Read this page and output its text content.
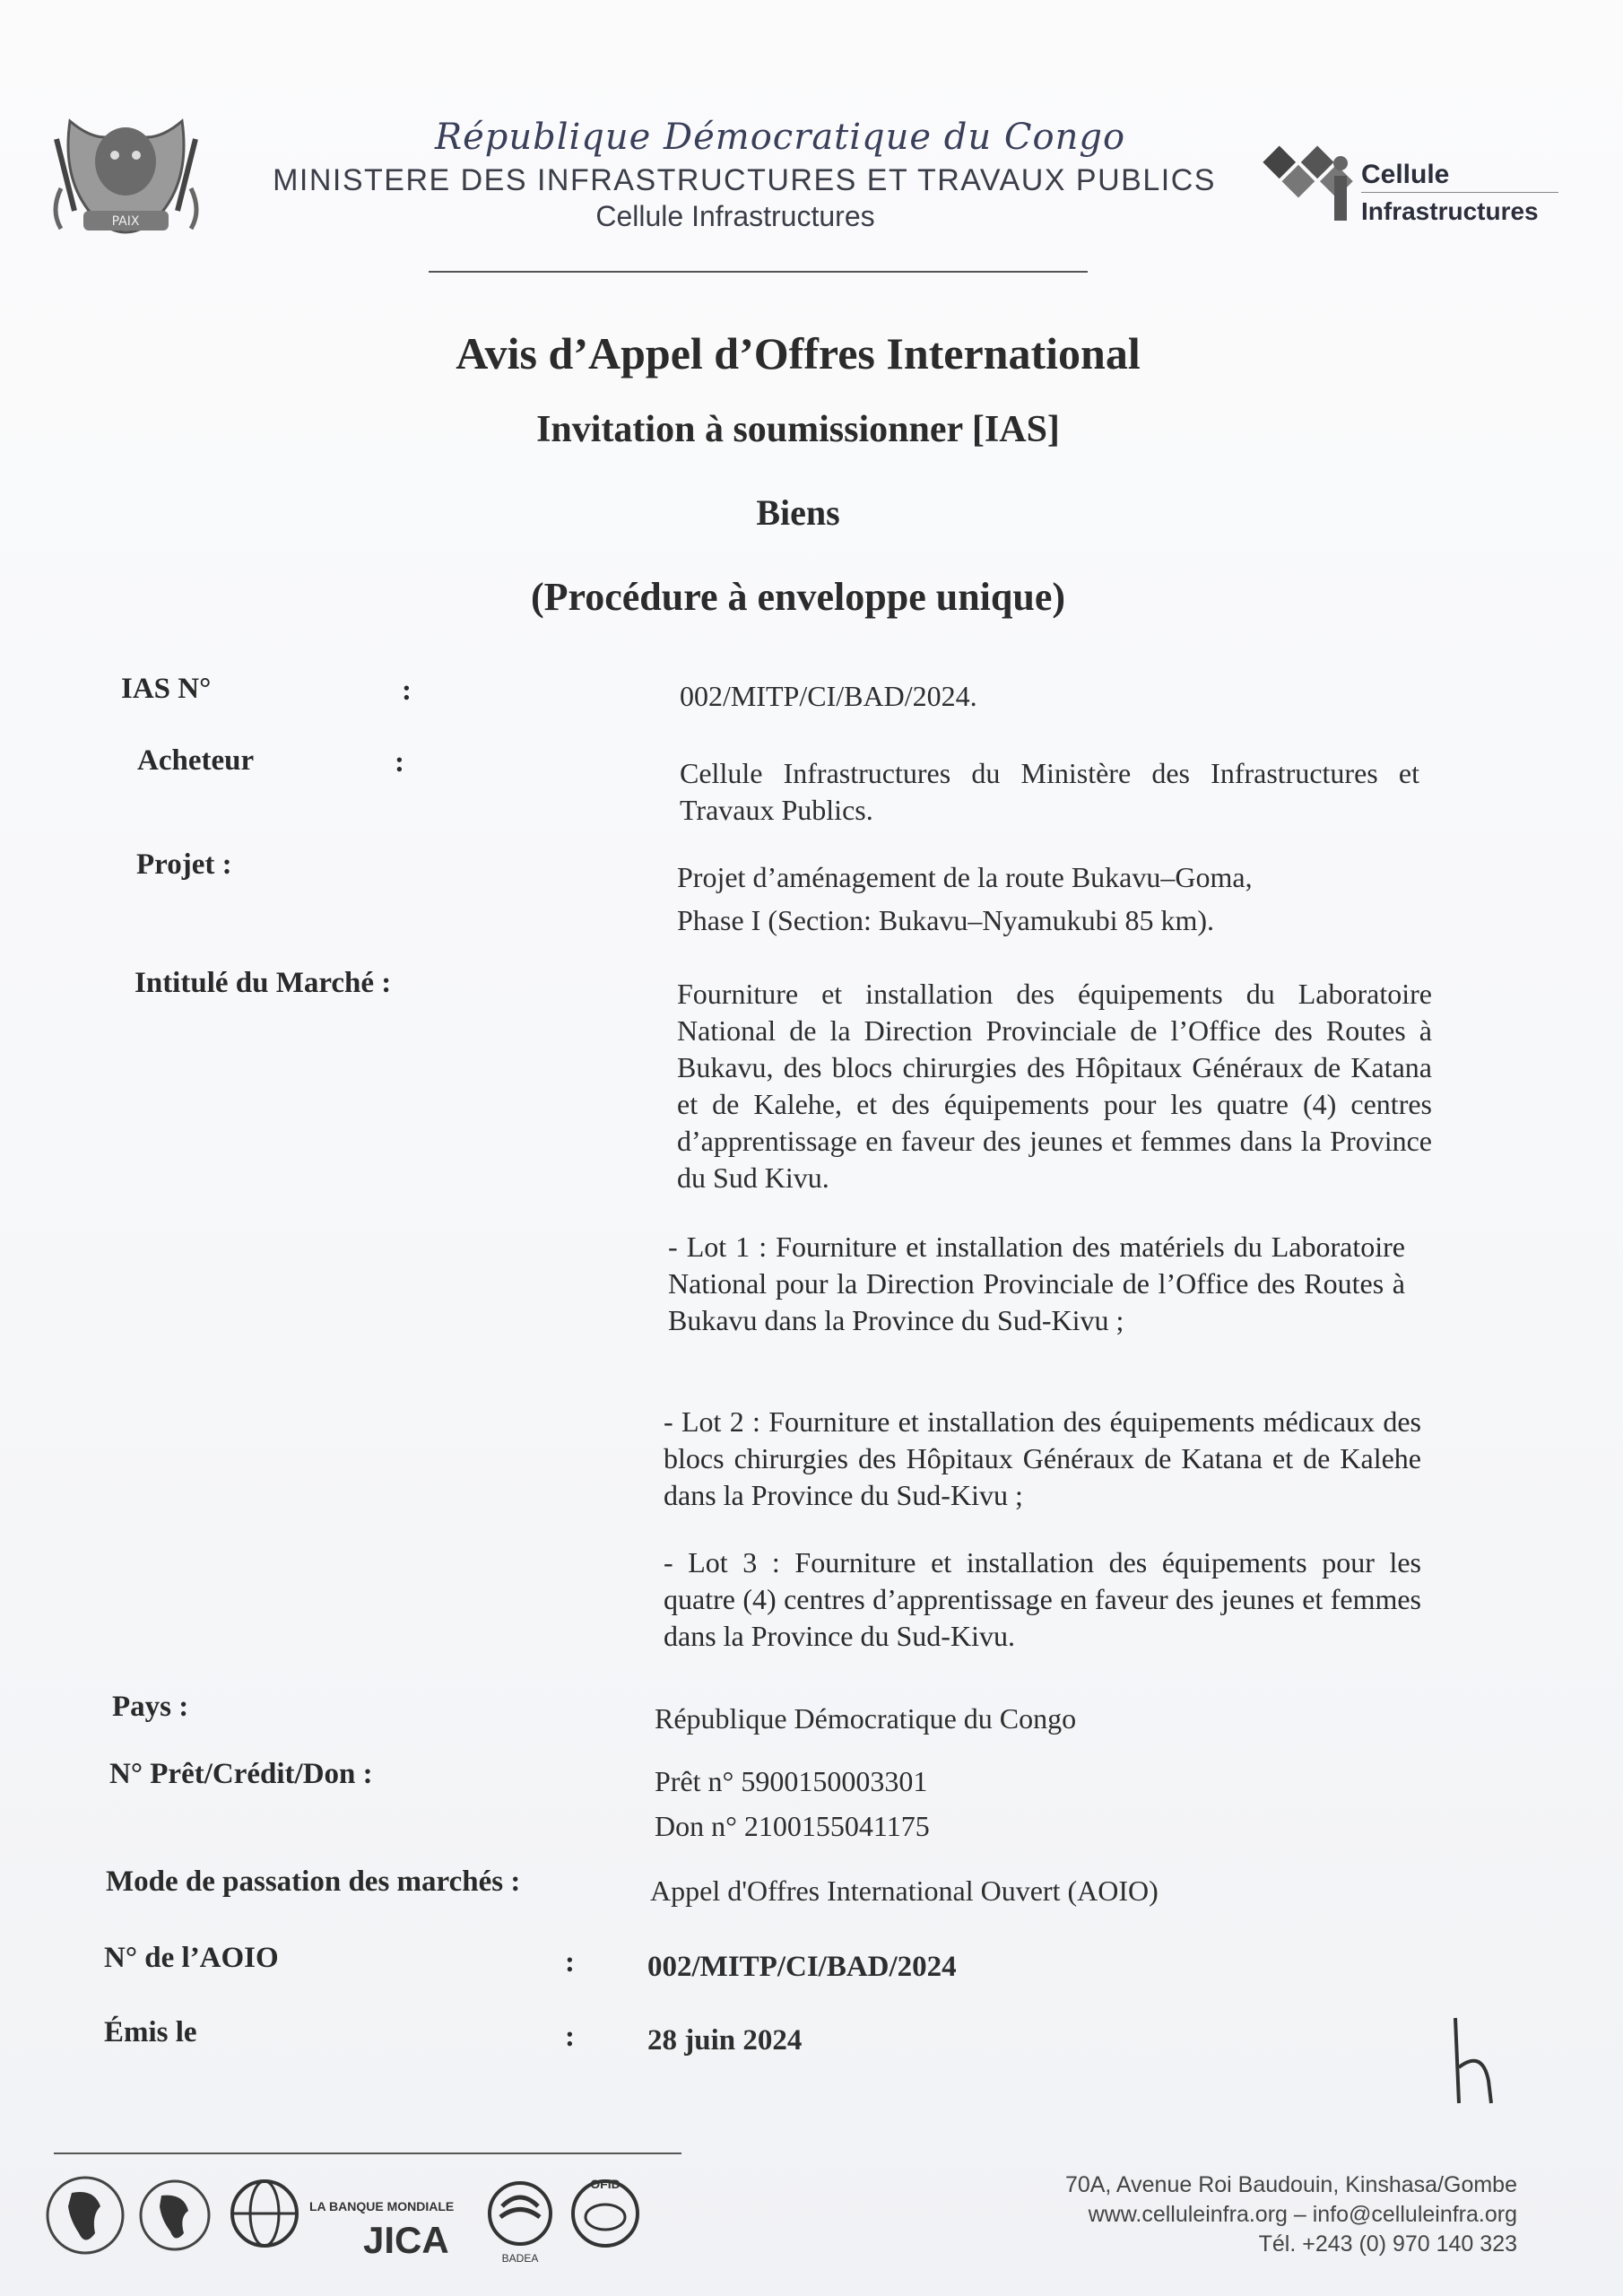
PAIX
République Démocratique du Congo
MINISTERE DES INFRASTRUCTURES ET TRAVAUX PUBLICS
Cellule Infrastructures
Cellule
Infrastructures
Avis d’Appel d’Offres International
Invitation à soumissionner [IAS]
Biens
(Procédure à enveloppe unique)
IAS N°	:	002/MITP/CI/BAD/2024.
Acheteur	:	Cellule Infrastructures du Ministère des Infrastructures et Travaux Publics.
Projet :	Projet d’aménagement de la route Bukavu–Goma,
Phase I (Section: Bukavu–Nyamukubi 85 km).
Intitulé du Marché :	Fourniture et installation des équipements du Laboratoire National de la Direction Provinciale de l’Office des Routes à Bukavu, des blocs chirurgies des Hôpitaux Généraux de Katana et de Kalehe, et des équipements pour les quatre (4) centres d’apprentissage en faveur des jeunes et femmes dans la Province du Sud Kivu.
- Lot 1 : Fourniture et installation des matériels du Laboratoire National pour la Direction Provinciale de l’Office des Routes à Bukavu dans la Province du Sud-Kivu ;
- Lot 2 : Fourniture et installation des équipements médicaux des blocs chirurgies des Hôpitaux Généraux de Katana et de Kalehe dans la Province du Sud-Kivu ;
- Lot 3 : Fourniture et installation des équipements pour les quatre (4) centres d’apprentissage en faveur des jeunes et femmes dans la Province du Sud-Kivu.
Pays :	République Démocratique du Congo
N° Prêt/Crédit/Don :	Prêt n° 5900150003301
Don n° 2100155041175
Mode de passation des marchés :	Appel d'Offres International Ouvert (AOIO)
N° de l’AOIO	: 002/MITP/CI/BAD/2024
Émis le	: 28 juin 2024
LA BANQUE MONDIALE
JICA	BADEA
OFID	70A, Avenue Roi Baudouin, Kinshasa/Gombe
www.celluleinfra.org – info@celluleinfra.org
Tél. +243 (0) 970 140 323
